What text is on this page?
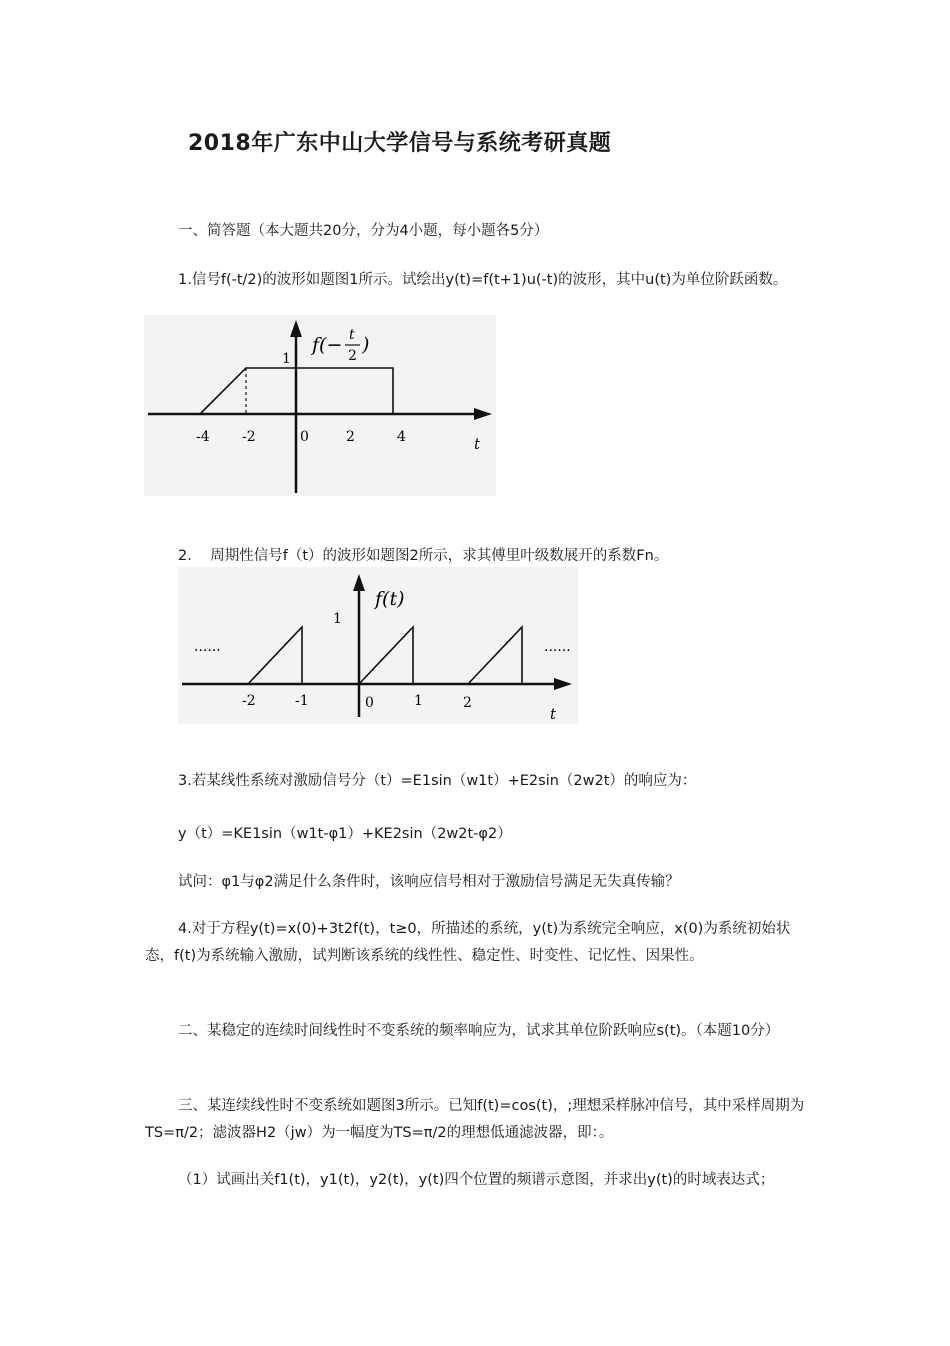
2018年广东中山大学信号与系统考研真题
一、简答题（本大题共20分，分为4小题，每小题各5分）
1.信号f(-t/2)的波形如题图1所示。试绘出y(t)=f(t+1)u(-t)的波形，其中u(t)为单位阶跃函数。
1
f(− t
2 )
-4 -2	0	2	4	t
2.    周期性信号f（t）的波形如题图2所示，求其傅里叶级数展开的系数Fn。
......	......
f(t)
1
-2	-1	0	1	2
t
3.若某线性系统对激励信号分（t）=E1sin（w1t）+E2sin（2w2t）的响应为：
y（t）=KE1sin（w1t-φ1）+KE2sin（2w2t-φ2）
试问：φ1与φ2满足什么条件时，该响应信号相对于激励信号满足无失真传输？
4.对于方程y(t)=x(0)+3t2f(t)，t≥0，所描述的系统，y(t)为系统完全响应，x(0)为系统初始状态，f(t)为系统输入激励，试判断该系统的线性性、稳定性、时变性、记忆性、因果性。
二、某稳定的连续时间线性时不变系统的频率响应为，试求其单位阶跃响应s(t)。（本题10分）
三、某连续线性时不变系统如题图3所示。已知f(t)=cos(t)，;理想采样脉冲信号，其中采样周期为TS=π/2；滤波器H2（jw）为一幅度为TS=π/2的理想低通滤波器，即：。
（1）试画出关f1(t)，y1(t)，y2(t)，y(t)四个位置的频谱示意图，并求出y(t)的时域表达式；
